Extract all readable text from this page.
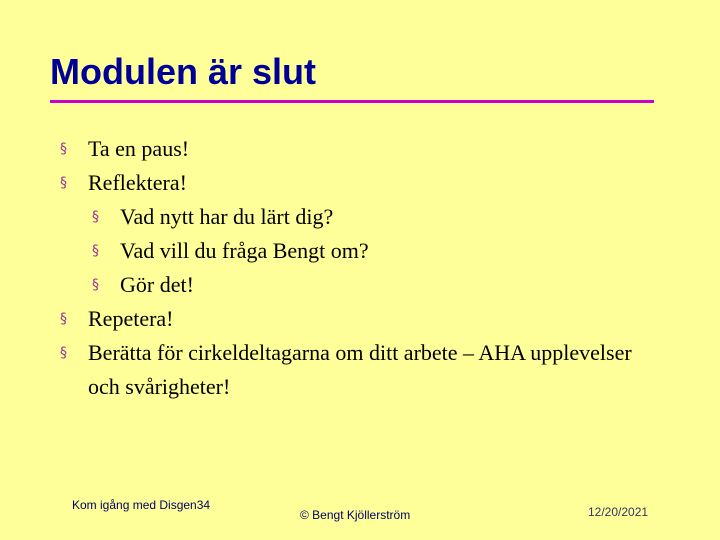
Modulen är slut
§ Ta en paus!
§ Reflektera!
§ Vad nytt har du lärt dig?
§ Vad vill du fråga Bengt om?
§ Gör det!
§ Repetera!
§ Berätta för cirkeldeltagarna om ditt arbete – AHA upplevelser och svårigheter!
Kom igång med Disgen34
© Bengt Kjöllerström	12/20/2021
